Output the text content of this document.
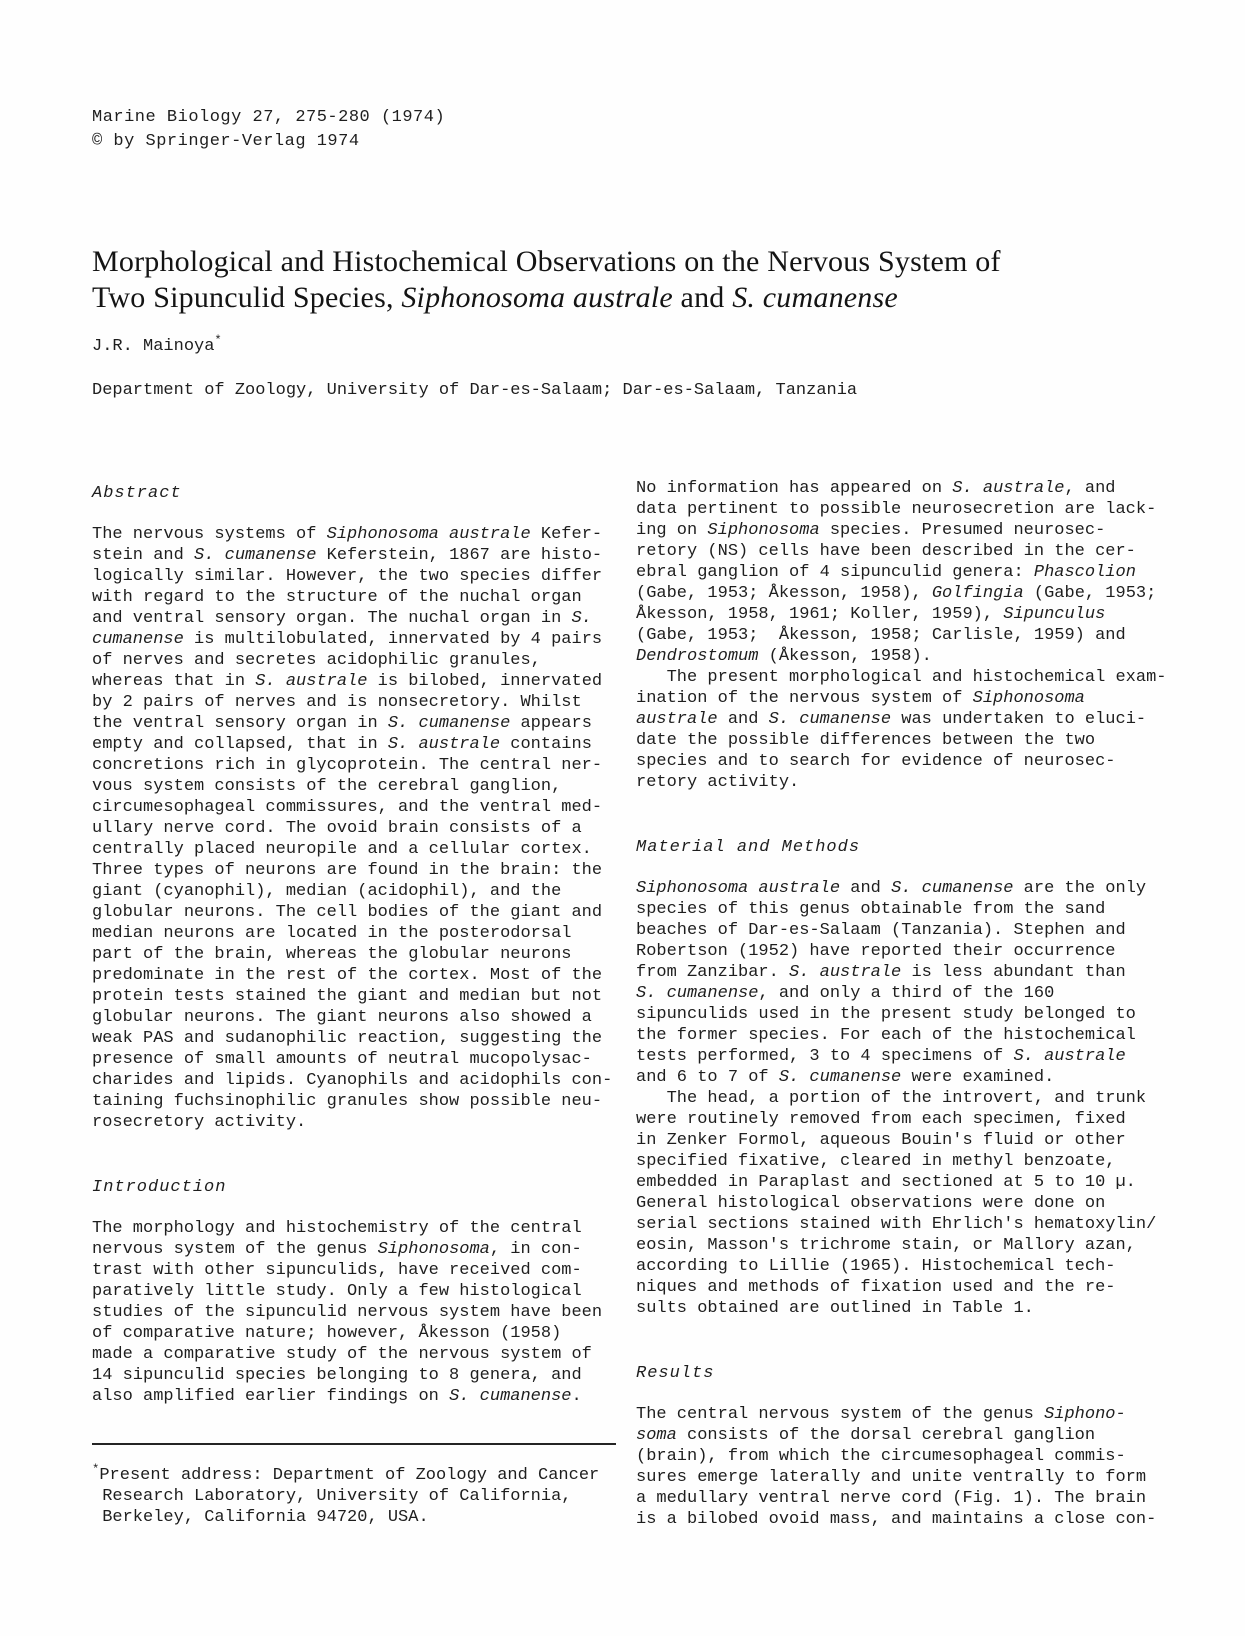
Marine Biology 27, 275-280 (1974)
© by Springer-Verlag 1974
Morphological and Histochemical Observations on the Nervous System of
Two Sipunculid Species, Siphonosoma australe and S. cumanense
J.R. Mainoya*
Department of Zoology, University of Dar-es-Salaam; Dar-es-Salaam, Tanzania
Abstract
The nervous systems of Siphonosoma australe Kefer-
stein and S. cumanense Keferstein, 1867 are histo-
logically similar. However, the two species differ
with regard to the structure of the nuchal organ
and ventral sensory organ. The nuchal organ in S.
cumanense is multilobulated, innervated by 4 pairs
of nerves and secretes acidophilic granules,
whereas that in S. australe is bilobed, innervated
by 2 pairs of nerves and is nonsecretory. Whilst
the ventral sensory organ in S. cumanense appears
empty and collapsed, that in S. australe contains
concretions rich in glycoprotein. The central ner-
vous system consists of the cerebral ganglion,
circumesophageal commissures, and the ventral med-
ullary nerve cord. The ovoid brain consists of a
centrally placed neuropile and a cellular cortex.
Three types of neurons are found in the brain: the
giant (cyanophil), median (acidophil), and the
globular neurons. The cell bodies of the giant and
median neurons are located in the posterodorsal
part of the brain, whereas the globular neurons
predominate in the rest of the cortex. Most of the
protein tests stained the giant and median but not
globular neurons. The giant neurons also showed a
weak PAS and sudanophilic reaction, suggesting the
presence of small amounts of neutral mucopolysac-
charides and lipids. Cyanophils and acidophils con-
taining fuchsinophilic granules show possible neu-
rosecretory activity.
Introduction
The morphology and histochemistry of the central
nervous system of the genus Siphonosoma, in con-
trast with other sipunculids, have received com-
paratively little study. Only a few histological
studies of the sipunculid nervous system have been
of comparative nature; however, Åkesson (1958)
made a comparative study of the nervous system of
14 sipunculid species belonging to 8 genera, and
also amplified earlier findings on S. cumanense.
*Present address: Department of Zoology and Cancer
Research Laboratory, University of California,
Berkeley, California 94720, USA.
No information has appeared on S. australe, and
data pertinent to possible neurosecretion are lack-
ing on Siphonosoma species. Presumed neurosec-
retory (NS) cells have been described in the cer-
ebral ganglion of 4 sipunculid genera: Phascolion
(Gabe, 1953; Åkesson, 1958), Golfingia (Gabe, 1953;
Åkesson, 1958, 1961; Koller, 1959), Sipunculus
(Gabe, 1953;  Åkesson, 1958; Carlisle, 1959) and
Dendrostomum (Åkesson, 1958).
The present morphological and histochemical exam-
ination of the nervous system of Siphonosoma
australe and S. cumanense was undertaken to eluci-
date the possible differences between the two
species and to search for evidence of neurosec-
retory activity.
Material and Methods
Siphonosoma australe and S. cumanense are the only
species of this genus obtainable from the sand
beaches of Dar-es-Salaam (Tanzania). Stephen and
Robertson (1952) have reported their occurrence
from Zanzibar. S. australe is less abundant than
S. cumanense, and only a third of the 160
sipunculids used in the present study belonged to
the former species. For each of the histochemical
tests performed, 3 to 4 specimens of S. australe
and 6 to 7 of S. cumanense were examined.
The head, a portion of the introvert, and trunk
were routinely removed from each specimen, fixed
in Zenker Formol, aqueous Bouin's fluid or other
specified fixative, cleared in methyl benzoate,
embedded in Paraplast and sectioned at 5 to 10 µ.
General histological observations were done on
serial sections stained with Ehrlich's hematoxylin/
eosin, Masson's trichrome stain, or Mallory azan,
according to Lillie (1965). Histochemical tech-
niques and methods of fixation used and the re-
sults obtained are outlined in Table 1.
Results
The central nervous system of the genus Siphono-
soma consists of the dorsal cerebral ganglion
(brain), from which the circumesophageal commis-
sures emerge laterally and unite ventrally to form
a medullary ventral nerve cord (Fig. 1). The brain
is a bilobed ovoid mass, and maintains a close con-
